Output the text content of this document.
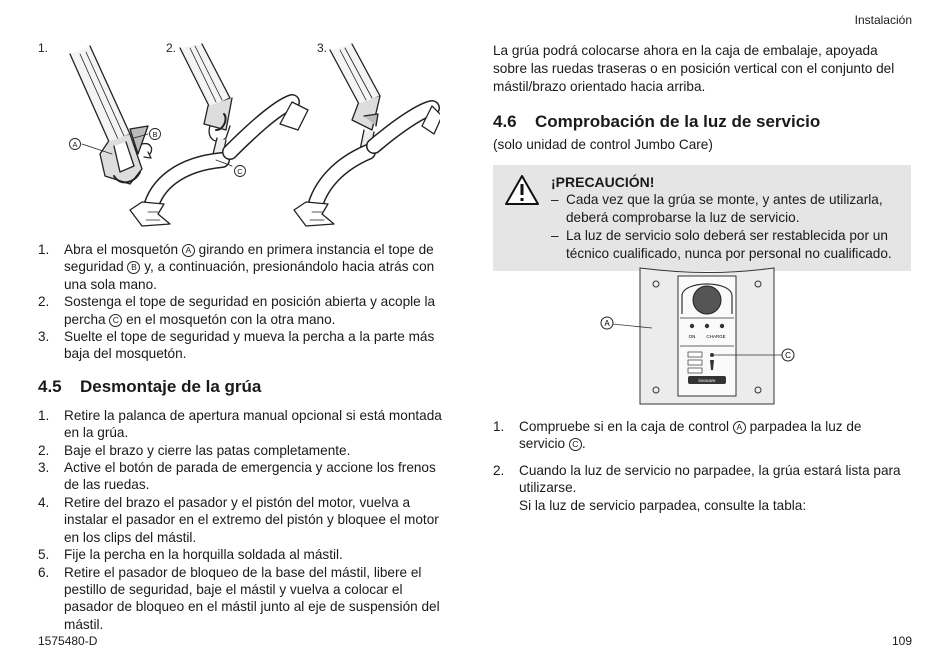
Instalación
1.	2.	3.
A
B
C
1. Abra el mosquetón A girando en primera instancia el tope de seguridad B y, a continuación, presionándolo hacia atrás con una sola mano.
2. Sostenga el tope de seguridad en posición abierta y acople la percha C en el mosquetón con la otra mano.
3. Suelte el tope de seguridad y mueva la percha a la parte más baja del mosquetón.
4.5	Desmontaje de la grúa
1. Retire la palanca de apertura manual opcional si está montada en la grúa.
2. Baje el brazo y cierre las patas completamente.
3. Active el botón de parada de emergencia y accione los frenos de las ruedas.
4. Retire del brazo el pasador y el pistón del motor, vuelva a instalar el pasador en el extremo del pistón y bloquee el motor en los clips del mástil.
5. Fije la percha en la horquilla soldada al mástil.
6. Retire el pasador de bloqueo de la base del mástil, libere el pestillo de seguridad, baje el mástil y vuelva a colocar el pasador de bloqueo en el mástil junto al eje de suspensión del mástil.
La grúa podrá colocarse ahora en la caja de embalaje, apoyada sobre las ruedas traseras o en posición vertical con el conjunto del mástil/brazo orientado hacia arriba.
4.6	Comprobación de la luz de servicio
(solo unidad de control Jumbo Care)
¡PRECAUCIÓN!
– Cada vez que la grúa se monte, y antes de utilizarla, deberá comprobarse la luz de servicio.
– La luz de servicio solo deberá ser restablecida por un técnico cualificado, nunca por personal no cualificado.
ON CHARGE
invacare
A
C
1. Compruebe si en la caja de control A parpadea la luz de servicio C .
2. Cuando la luz de servicio no parpadee, la grúa estará lista para utilizarse.
Si la luz de servicio parpadea, consulte la tabla:
1575480-D	109
